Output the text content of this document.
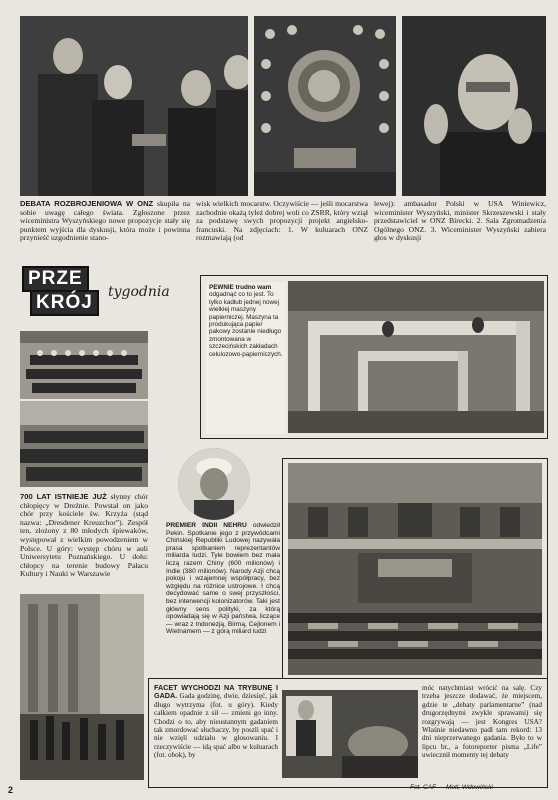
DEBATA ROZBROJENIOWA W ONZ skupiła na sobie uwagę całego świata. Zgłoszone przez wiceministra Wyszyńskiego nowe propozycje stały się punktem wyjścia dla dyskusji, która może i powinna przynieść uzgodnienie stano-
wisk wielkich mocarstw. Oczywiście — jeśli mocarstwa zachodnie okażą tyleż dobrej woli co ZSRR, który wziął za podstawę swych propozycji projekt angielsko-francuski. Na zdjęciach: 1. W kuluarach ONZ rozmawiają (od
lewej): ambasador Polski w USA Winiewicz, wiceminister Wyszyński, minister Skrzeszewski i stały przedstawiciel w ONZ Birecki. 2. Sala Zgromadzenia Ogólnego ONZ. 3. Wiceminister Wyszyński zabiera głos w dyskusji
PRZE
KRÓJ	tygodnia	PEWNIE trudno wam odgadnąć co to jest. To tylko kadłub jednej nowej wielkiej maszyny papierniczej. Maszyna ta produkująca papier pakowy zostanie niedługo zmontowana w szczecińskich zakładach celulozowo-papierniczych.
700 LAT ISTNIEJE JUŻ słynny chór chłopięcy w Dreźnie. Powstał on jako chór przy kościele św. Krzyża (stąd nazwa: „Dresdener Kreuzchor”). Zespół ten, złożony z 80 młodych śpiewaków, występował z wielkim powodzeniem w Polsce. U góry: występ chóru w auli Uniwersytetu Poznańskiego. U dołu: chłopcy na terenie budowy Pałacu Kultury i Nauki w Warszawie
PREMIER INDII NEHRU odwiedził Pekin. Spotkanie jego z przywódcami Chińskiej Republiki Ludowej nazywała prasa spotkaniem reprezentantów miliarda ludzi. Tyle bowiem bez mała liczą razem Chiny (600 milionów) i Indie (380 milionów). Narody Azji chcą pokoju i wzajemnej współpracy, bez względu na różnice ustrojowe. I chcą decydować same o swej przyszłości, bez interwencji kolonizatorów. Taki jest główny sens polityki, za którą opowiadają się w Azji państwa, liczące — wraz z Indonezją, Birmą, Cejlonem i Wietnamem — z górą miliard ludzi
FACET WYCHODZI NA TRYBUNĘ I GADA. Gada godzinę, dwie, dziesięć, jak długo wytrzyma (fot. u góry). Kiedy całkiem opadnie z sił — zmieni go inny. Chodzi o to, aby nieustannym gadaniem tak zmordować słuchaczy, by poszli spać i nie wzięli udziału w głosowaniu. I rzeczywiście — idą spać albo w kuluarach (fot. obok), by
móc natychmiast wrócić na salę. Czy trzeba jeszcze dodawać, że miejscem, gdzie te „debaty parlamentarne” (nad drugorzędnymi zwykle sprawami) się rozgrywają — jest Kongres USA? Właśnie niedawno padł tam rekord: 13 dni nieprzerwanego gadania. Było to w lipcu br., a fotoreporter pisma „Life” uwiecznił momenty tej debaty
2	Fot. CAF — Motl, Wdowiński
